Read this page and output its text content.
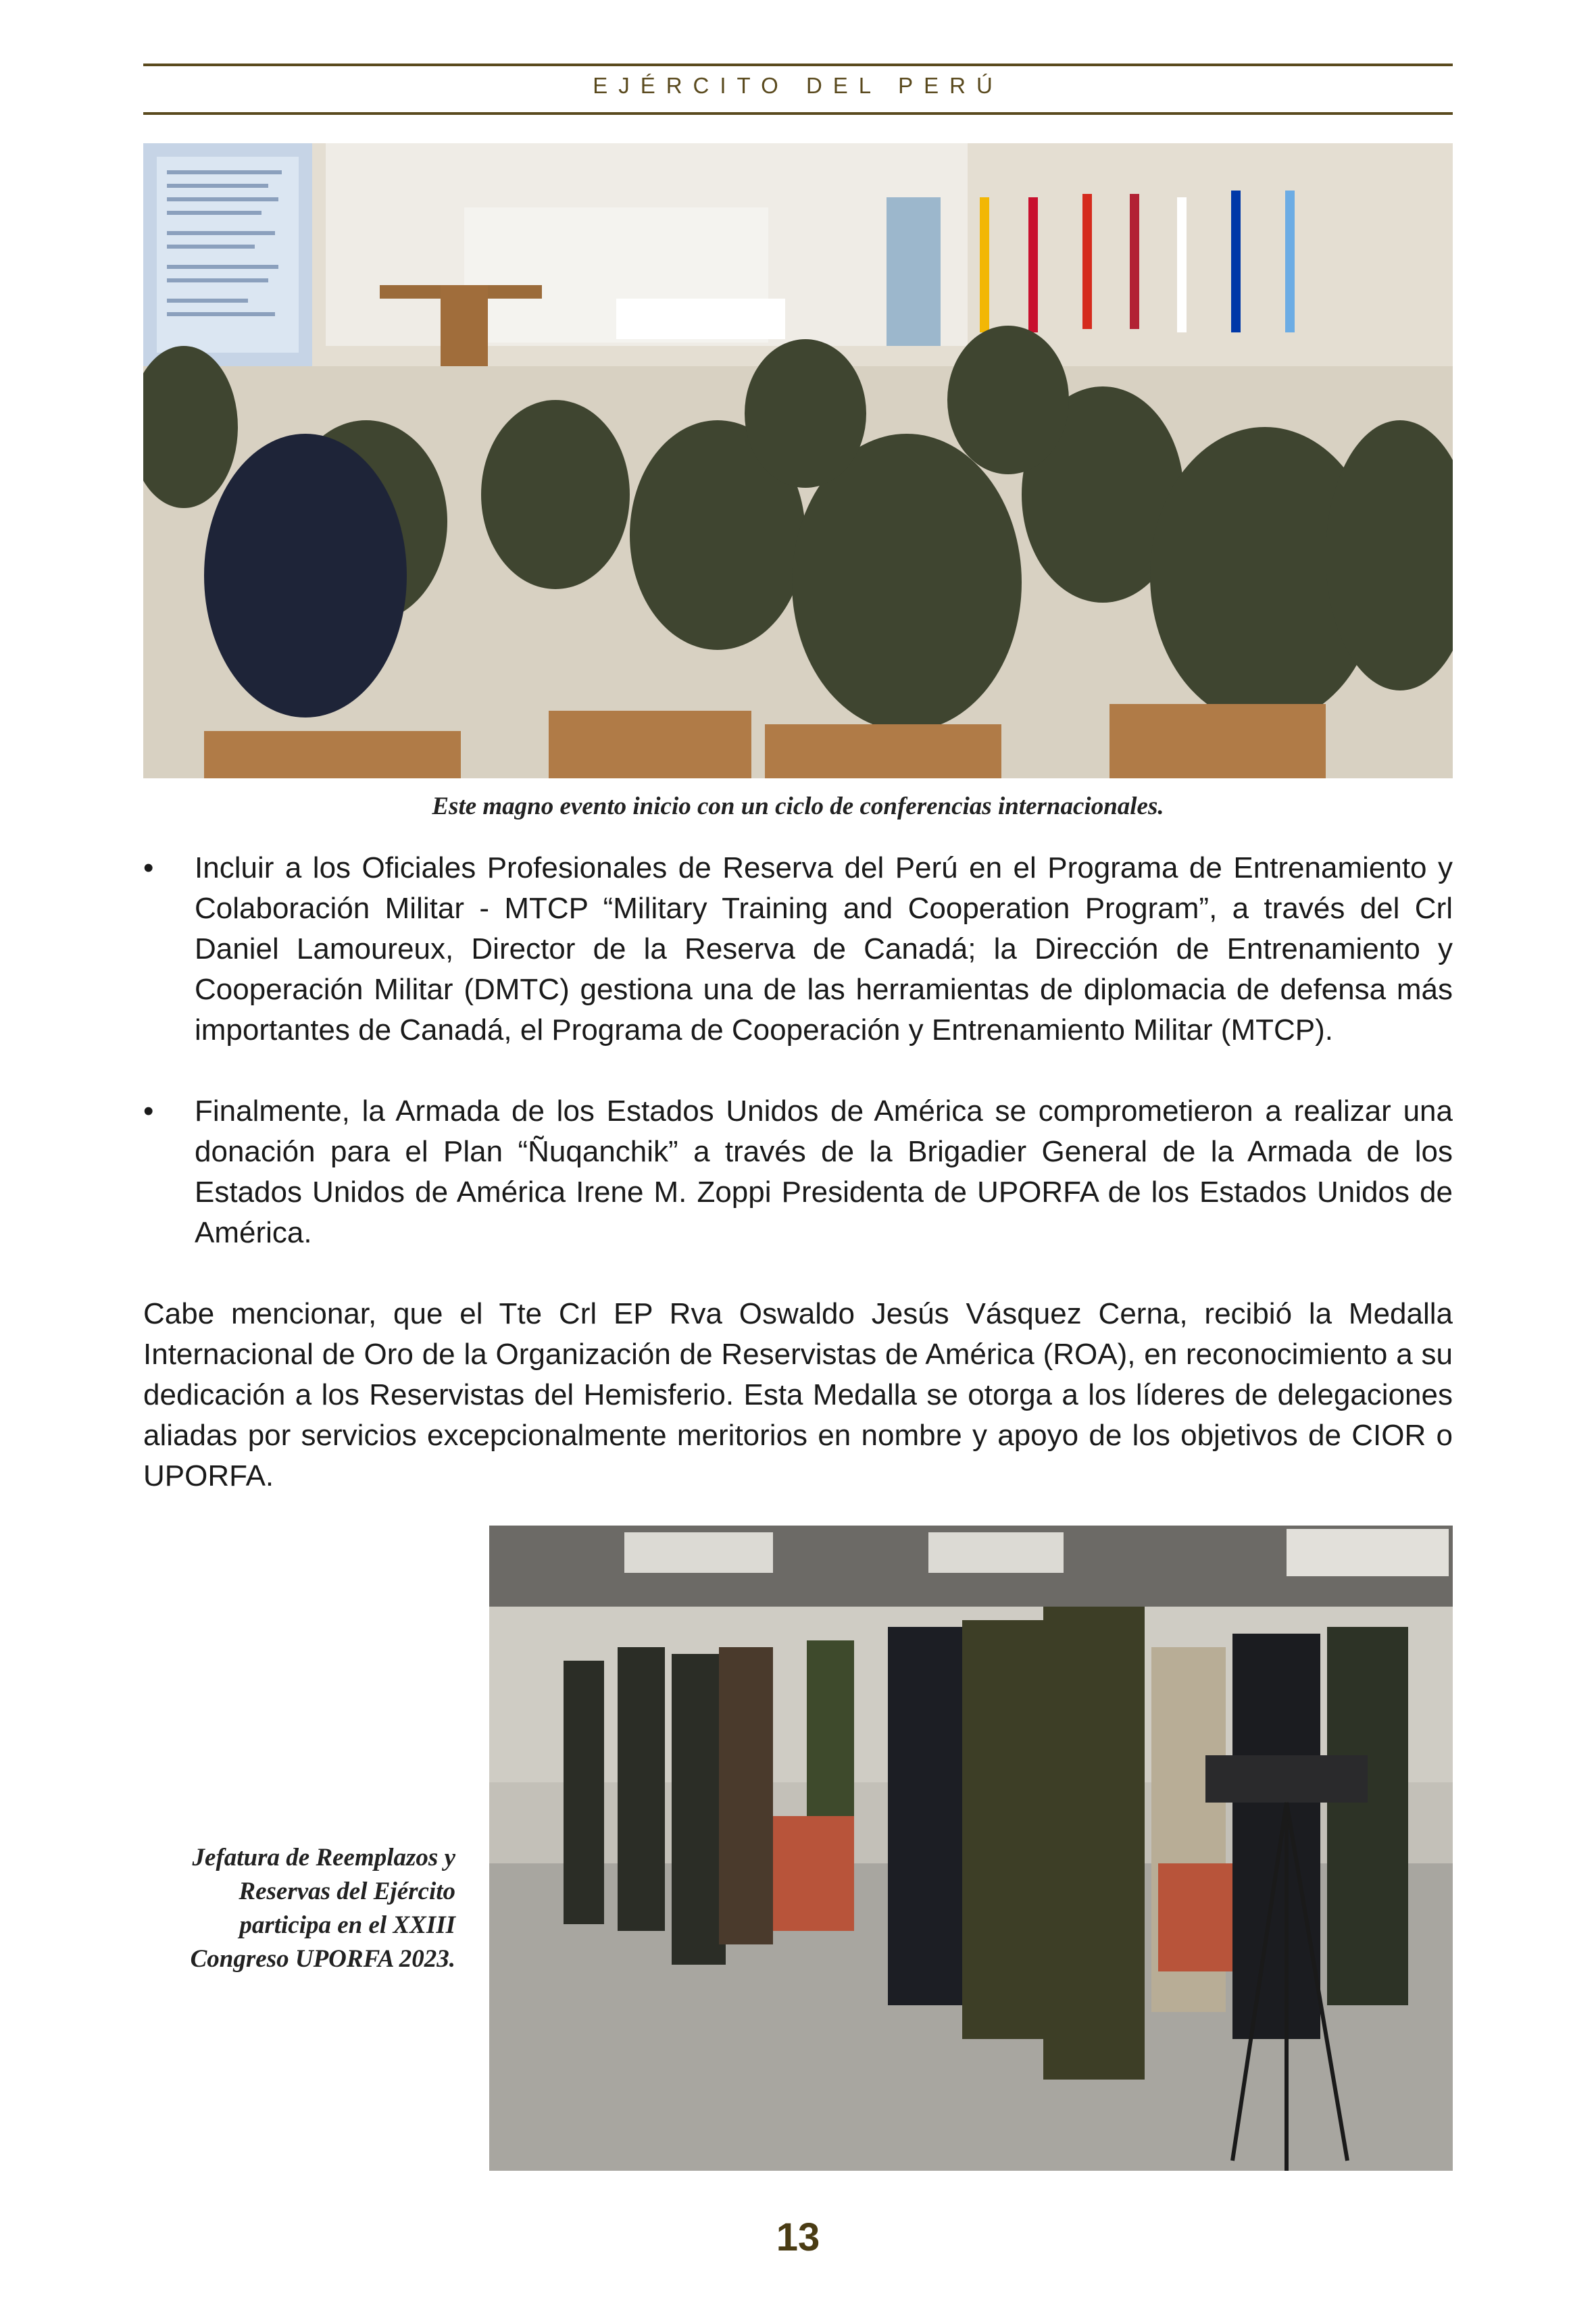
EJÉRCITO DEL PERÚ
Este magno evento inicio con un ciclo de conferencias internacionales.
• Incluir a los Oficiales Profesionales de Reserva del Perú en el Programa de Entrenamiento y Colaboración Militar - MTCP “Military Training and Cooperation Program”, a través del Crl Daniel Lamoureux, Director de la Reserva de Canadá; la Dirección de Entrenamiento y Cooperación Militar (DMTC) gestiona una de las herramientas de diplomacia de defensa más importantes de Canadá, el Programa de Cooperación y Entrenamiento Militar (MTCP).
• Finalmente, la Armada de los Estados Unidos de América se comprometieron a realizar una donación para el Plan “Ñuqanchik” a través de la Brigadier General de la Armada de los Estados Unidos de América Irene M. Zoppi Presidenta de UPORFA de los Estados Unidos de América.
Cabe mencionar, que el Tte Crl EP Rva Oswaldo Jesús Vásquez Cerna, recibió la Medalla Internacional de Oro de la Organización de Reservistas de América (ROA), en reconocimiento a su dedicación a los Reservistas del Hemisferio. Esta Medalla se otorga a los líderes de delegaciones aliadas por servicios excepcionalmente meritorios en nombre y apoyo de los objetivos de CIOR o UPORFA.
Jefatura de Reemplazos y Reservas del Ejército participa en el XXIII Congreso UPORFA 2023.
13
